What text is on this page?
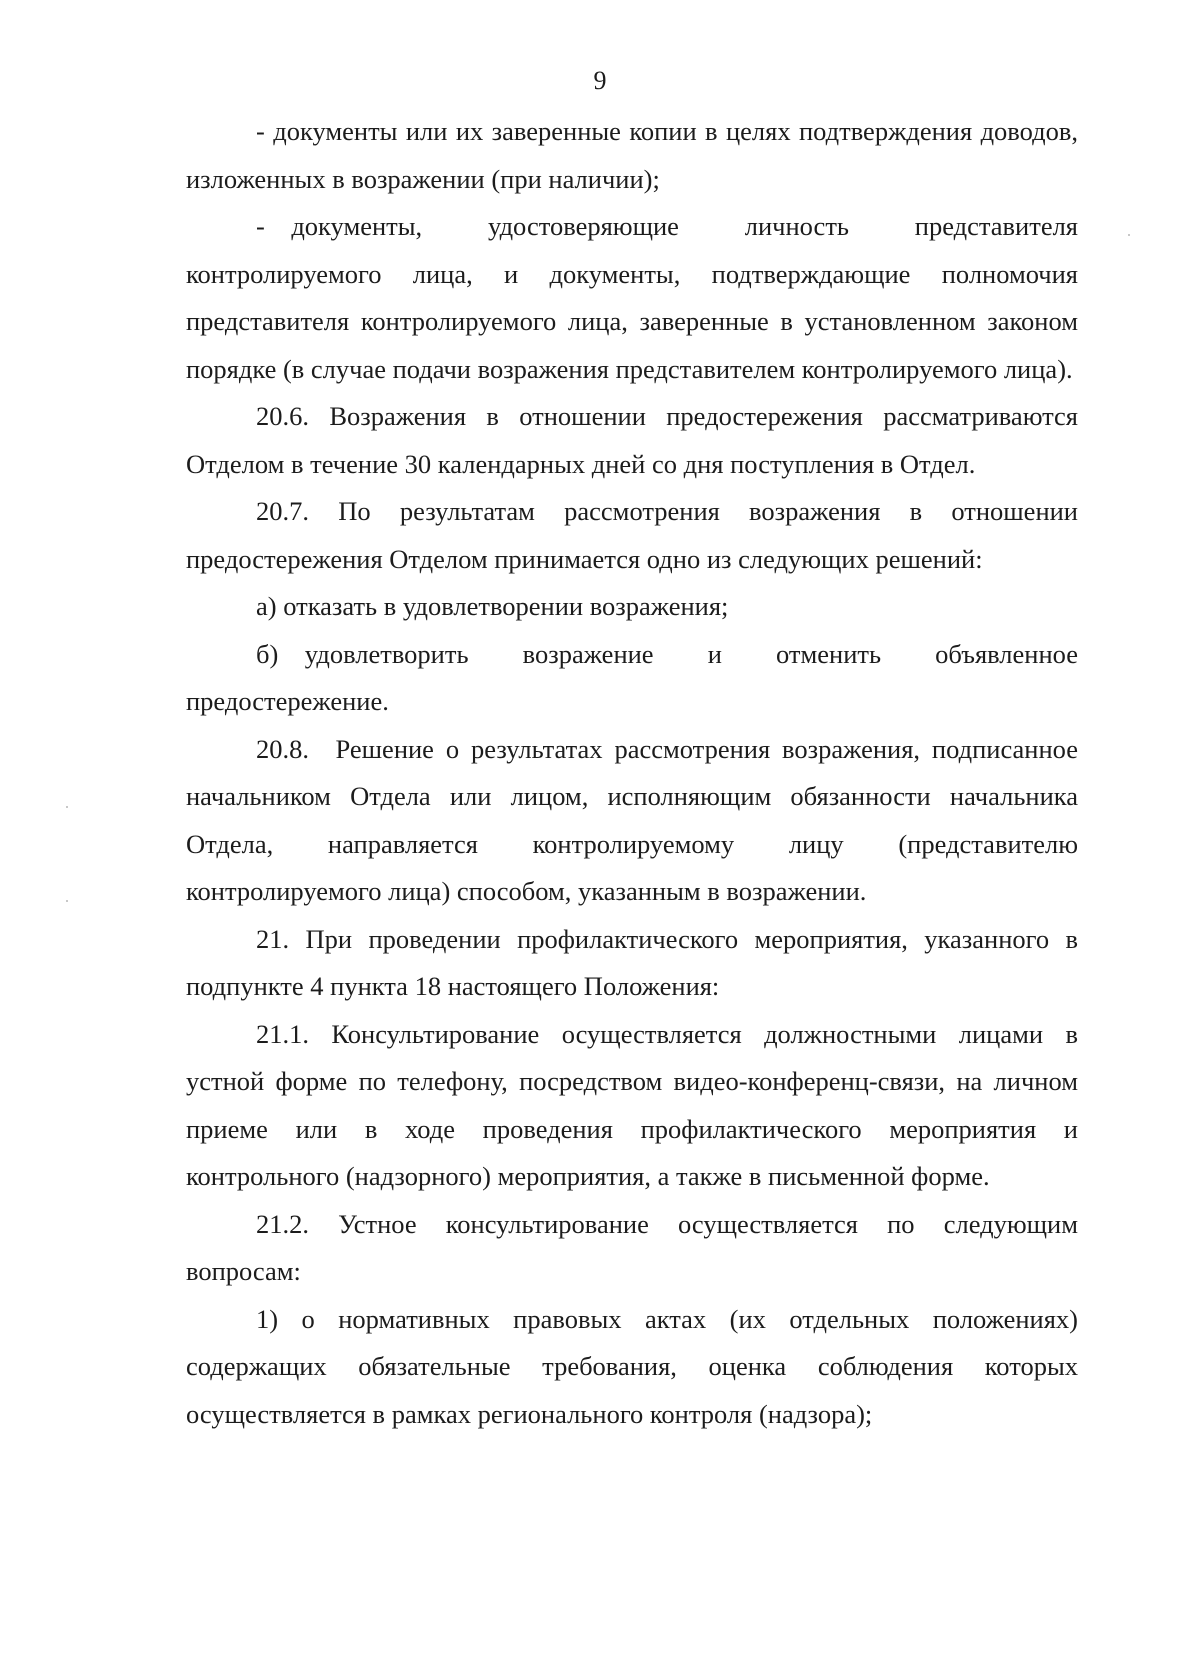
9

- документы или их заверенные копии в целях подтверждения доводов, изложенных в возражении (при наличии);

- документы, удостоверяющие личность представителя контролируемого лица, и документы, подтверждающие полномочия представителя контролируемого лица, заверенные в установленном законом порядке (в случае подачи возражения представителем контролируемого лица).

20.6. Возражения в отношении предостережения рассматриваются Отделом в течение 30 календарных дней со дня поступления в Отдел.

20.7. По результатам рассмотрения возражения в отношении предостережения Отделом принимается одно из следующих решений:

а) отказать в удовлетворении возражения;

б) удовлетворить возражение и отменить объявленное предостережение.

20.8. Решение о результатах рассмотрения возражения, подписанное начальником Отдела или лицом, исполняющим обязанности начальника Отдела, направляется контролируемому лицу (представителю контролируемого лица) способом, указанным в возражении.

21. При проведении профилактического мероприятия, указанного в подпункте 4 пункта 18 настоящего Положения:

21.1. Консультирование осуществляется должностными лицами в устной форме по телефону, посредством видео-конференц-связи, на личном приеме или в ходе проведения профилактического мероприятия и контрольного (надзорного) мероприятия, а также в письменной форме.

21.2. Устное консультирование осуществляется по следующим вопросам:

1) о нормативных правовых актах (их отдельных положениях) содержащих обязательные требования, оценка соблюдения которых осуществляется в рамках регионального контроля (надзора);
